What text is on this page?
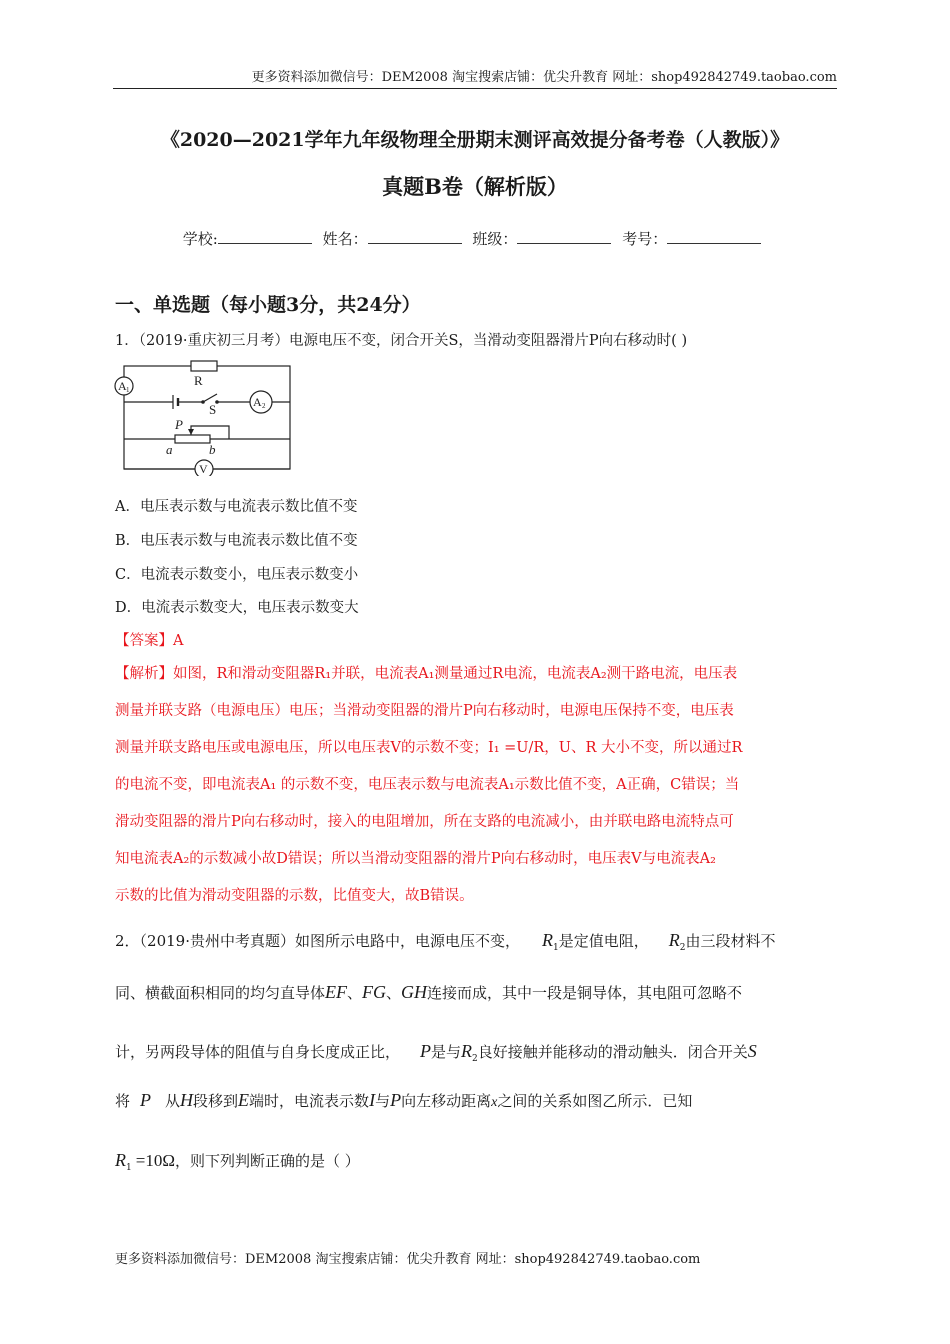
更多资料添加微信号：DEM2008 淘宝搜索店铺：优尖升教育 网址：shop492842749.taobao.com
《2020—2021学年九年级物理全册期末测评高效提分备考卷（人教版）》
真题B卷（解析版）
学校:	姓名：	班级：	考号：
一、单选题（每小题3分，共24分）
1．（2019·重庆初三月考）电源电压不变，闭合开关S，当滑动变阻器滑片P向右移动时( )
A 1
R
A 2
S
P
a	b
V
A．电压表示数与电流表示数比值不变
B．电压表示数与电流表示数比值不变
C．电流表示数变小，电压表示数变小
D．电流表示数变大，电压表示数变大
【答案】A
【解析】如图，R和滑动变阻器R₁并联，电流表A₁测量通过R电流，电流表A₂测干路电流，电压表
测量并联支路（电源电压）电压；当滑动变阻器的滑片P向右移动时，电源电压保持不变，电压表
测量并联支路电压或电源电压，所以电压表V的示数不变；I₁ =U/R，U、R 大小不变，所以通过R
的电流不变，即电流表A₁ 的示数不变，电压表示数与电流表A₁示数比值不变，A正确，C错误；当
滑动变阻器的滑片P向右移动时，接入的电阻增加，所在支路的电流减小，由并联电路电流特点可
知电流表A₂的示数减小故D错误；所以当滑动变阻器的滑片P向右移动时，电压表V与电流表A₂
示数的比值为滑动变阻器的示数，比值变大，故B错误。
2．（2019·贵州中考真题）如图所示电路中，电源电压不变， $R_1$是定值电阻， $R_2$由三段材料不
同、横截面积相同的均匀直导体EF、FG、GH连接而成，其中一段是铜导体，其电阻可忽略不
计，另两段导体的阻值与自身长度成正比， P是与$R_2$良好接触并能移动的滑动触头．闭合开关S
将 P 从H段移到E端时，电流表示数I与P向左移动距离x之间的关系如图乙所示．已知
$R_1 =10\Omega$，则下列判断正确的是（ ）
更多资料添加微信号：DEM2008 淘宝搜索店铺：优尖升教育 网址：shop492842749.taobao.com
